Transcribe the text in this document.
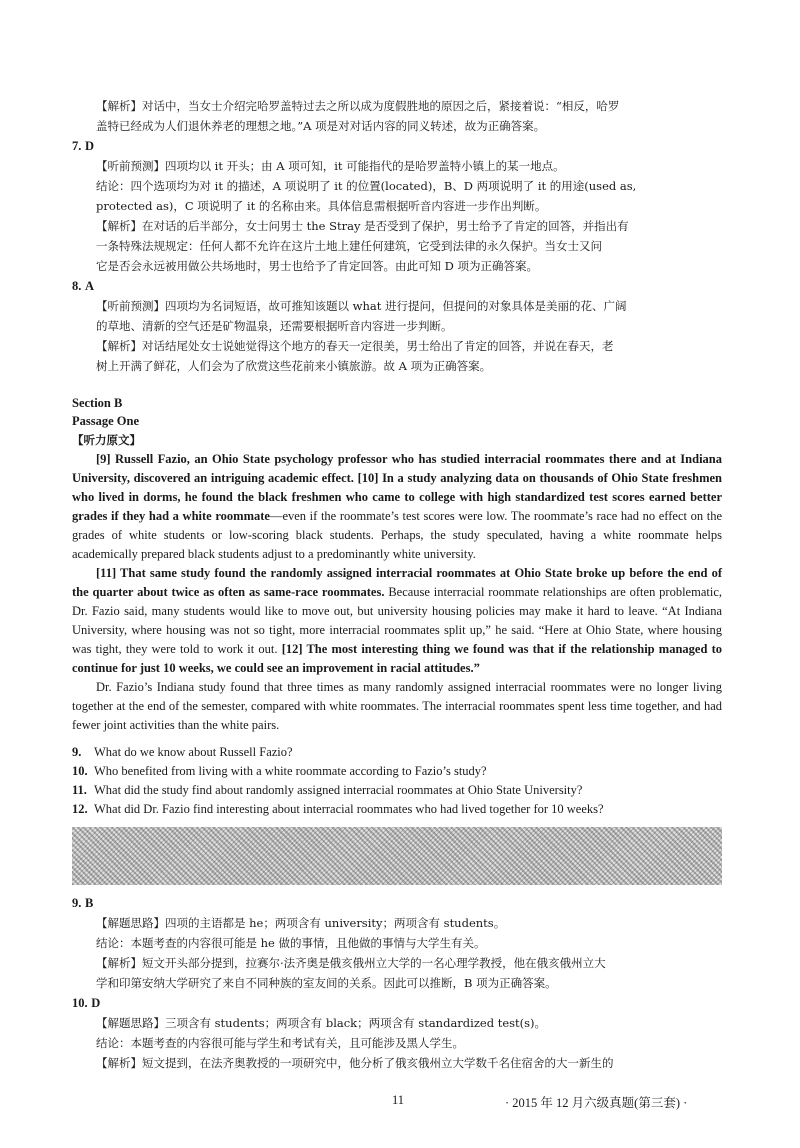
【解析】对话中，当女士介绍完哈罗盖特过去之所以成为度假胜地的原因之后，紧接着说：“相反，哈罗

盖特已经成为人们退休养老的理想之地。”A 项是对对话内容的同义转述，故为正确答案。

7. D

【听前预测】四项均以 it 开头；由 A 项可知，it 可能指代的是哈罗盖特小镇上的某一地点。

结论：四个选项均为对 it 的描述，A 项说明了 it 的位置(located)，B、D 两项说明了 it 的用途(used as,

protected as)，C 项说明了 it 的名称由来。具体信息需根据听音内容进一步作出判断。

【解析】在对话的后半部分，女士问男士 the Stray 是否受到了保护，男士给予了肯定的回答，并指出有

一条特殊法规规定：任何人都不允许在这片土地上建任何建筑，它受到法律的永久保护。当女士又问

它是否会永远被用做公共场地时，男士也给予了肯定回答。由此可知 D 项为正确答案。

8. A

【听前预测】四项均为名词短语，故可推知该题以 what 进行提问，但提问的对象具体是美丽的花、广阔

的草地、清新的空气还是矿物温泉，还需要根据听音内容进一步判断。

【解析】对话结尾处女士说她觉得这个地方的春天一定很美，男士给出了肯定的回答，并说在春天，老

树上开满了鲜花，人们会为了欣赏这些花前来小镇旅游。故 A 项为正确答案。

Section B

Passage One

【听力原文】

[9] Russell Fazio, an Ohio State psychology professor who has studied interracial roommates there and at Indiana University, discovered an intriguing academic effect. [10] In a study analyzing data on thousands of Ohio State freshmen who lived in dorms, he found the black freshmen who came to college with high standardized test scores earned better grades if they had a white roommate—even if the roommate’s test scores were low. The roommate’s race had no effect on the grades of white students or low-scoring black students. Perhaps, the study speculated, having a white roommate helps academically prepared black students adjust to a predominantly white university.

[11] That same study found the randomly assigned interracial roommates at Ohio State broke up before the end of the quarter about twice as often as same-race roommates. Because interracial roommate relationships are often problematic, Dr. Fazio said, many students would like to move out, but university housing policies may make it hard to leave. “At Indiana University, where housing was not so tight, more interracial roommates split up,” he said. “Here at Ohio State, where housing was tight, they were told to work it out. [12] The most interesting thing we found was that if the relationship managed to continue for just 10 weeks, we could see an improvement in racial attitudes.”

Dr. Fazio’s Indiana study found that three times as many randomly assigned interracial roommates were no longer living together at the end of the semester, compared with white roommates. The interracial roommates spent less time together, and had fewer joint activities than the white pairs.

9. What do we know about Russell Fazio?

10. Who benefited from living with a white roommate according to Fazio’s study?

11. What did the study find about randomly assigned interracial roommates at Ohio State University?

12. What did Dr. Fazio find interesting about interracial roommates who had lived together for 10 weeks?

9. B

【解题思路】四项的主语都是 he；两项含有 university；两项含有 students。

结论：本题考查的内容很可能是 he 做的事情，且他做的事情与大学生有关。

【解析】短文开头部分提到，拉赛尔·法齐奥是俄亥俄州立大学的一名心理学教授，他在俄亥俄州立大

学和印第安纳大学研究了来自不同种族的室友间的关系。因此可以推断，B 项为正确答案。

10. D

【解题思路】三项含有 students；两项含有 black；两项含有 standardized test(s)。

结论：本题考查的内容很可能与学生和考试有关，且可能涉及黑人学生。

【解析】短文提到，在法齐奥教授的一项研究中，他分析了俄亥俄州立大学数千名住宿舍的大一新生的

11	· 2015 年 12 月六级真题(第三套) ·
